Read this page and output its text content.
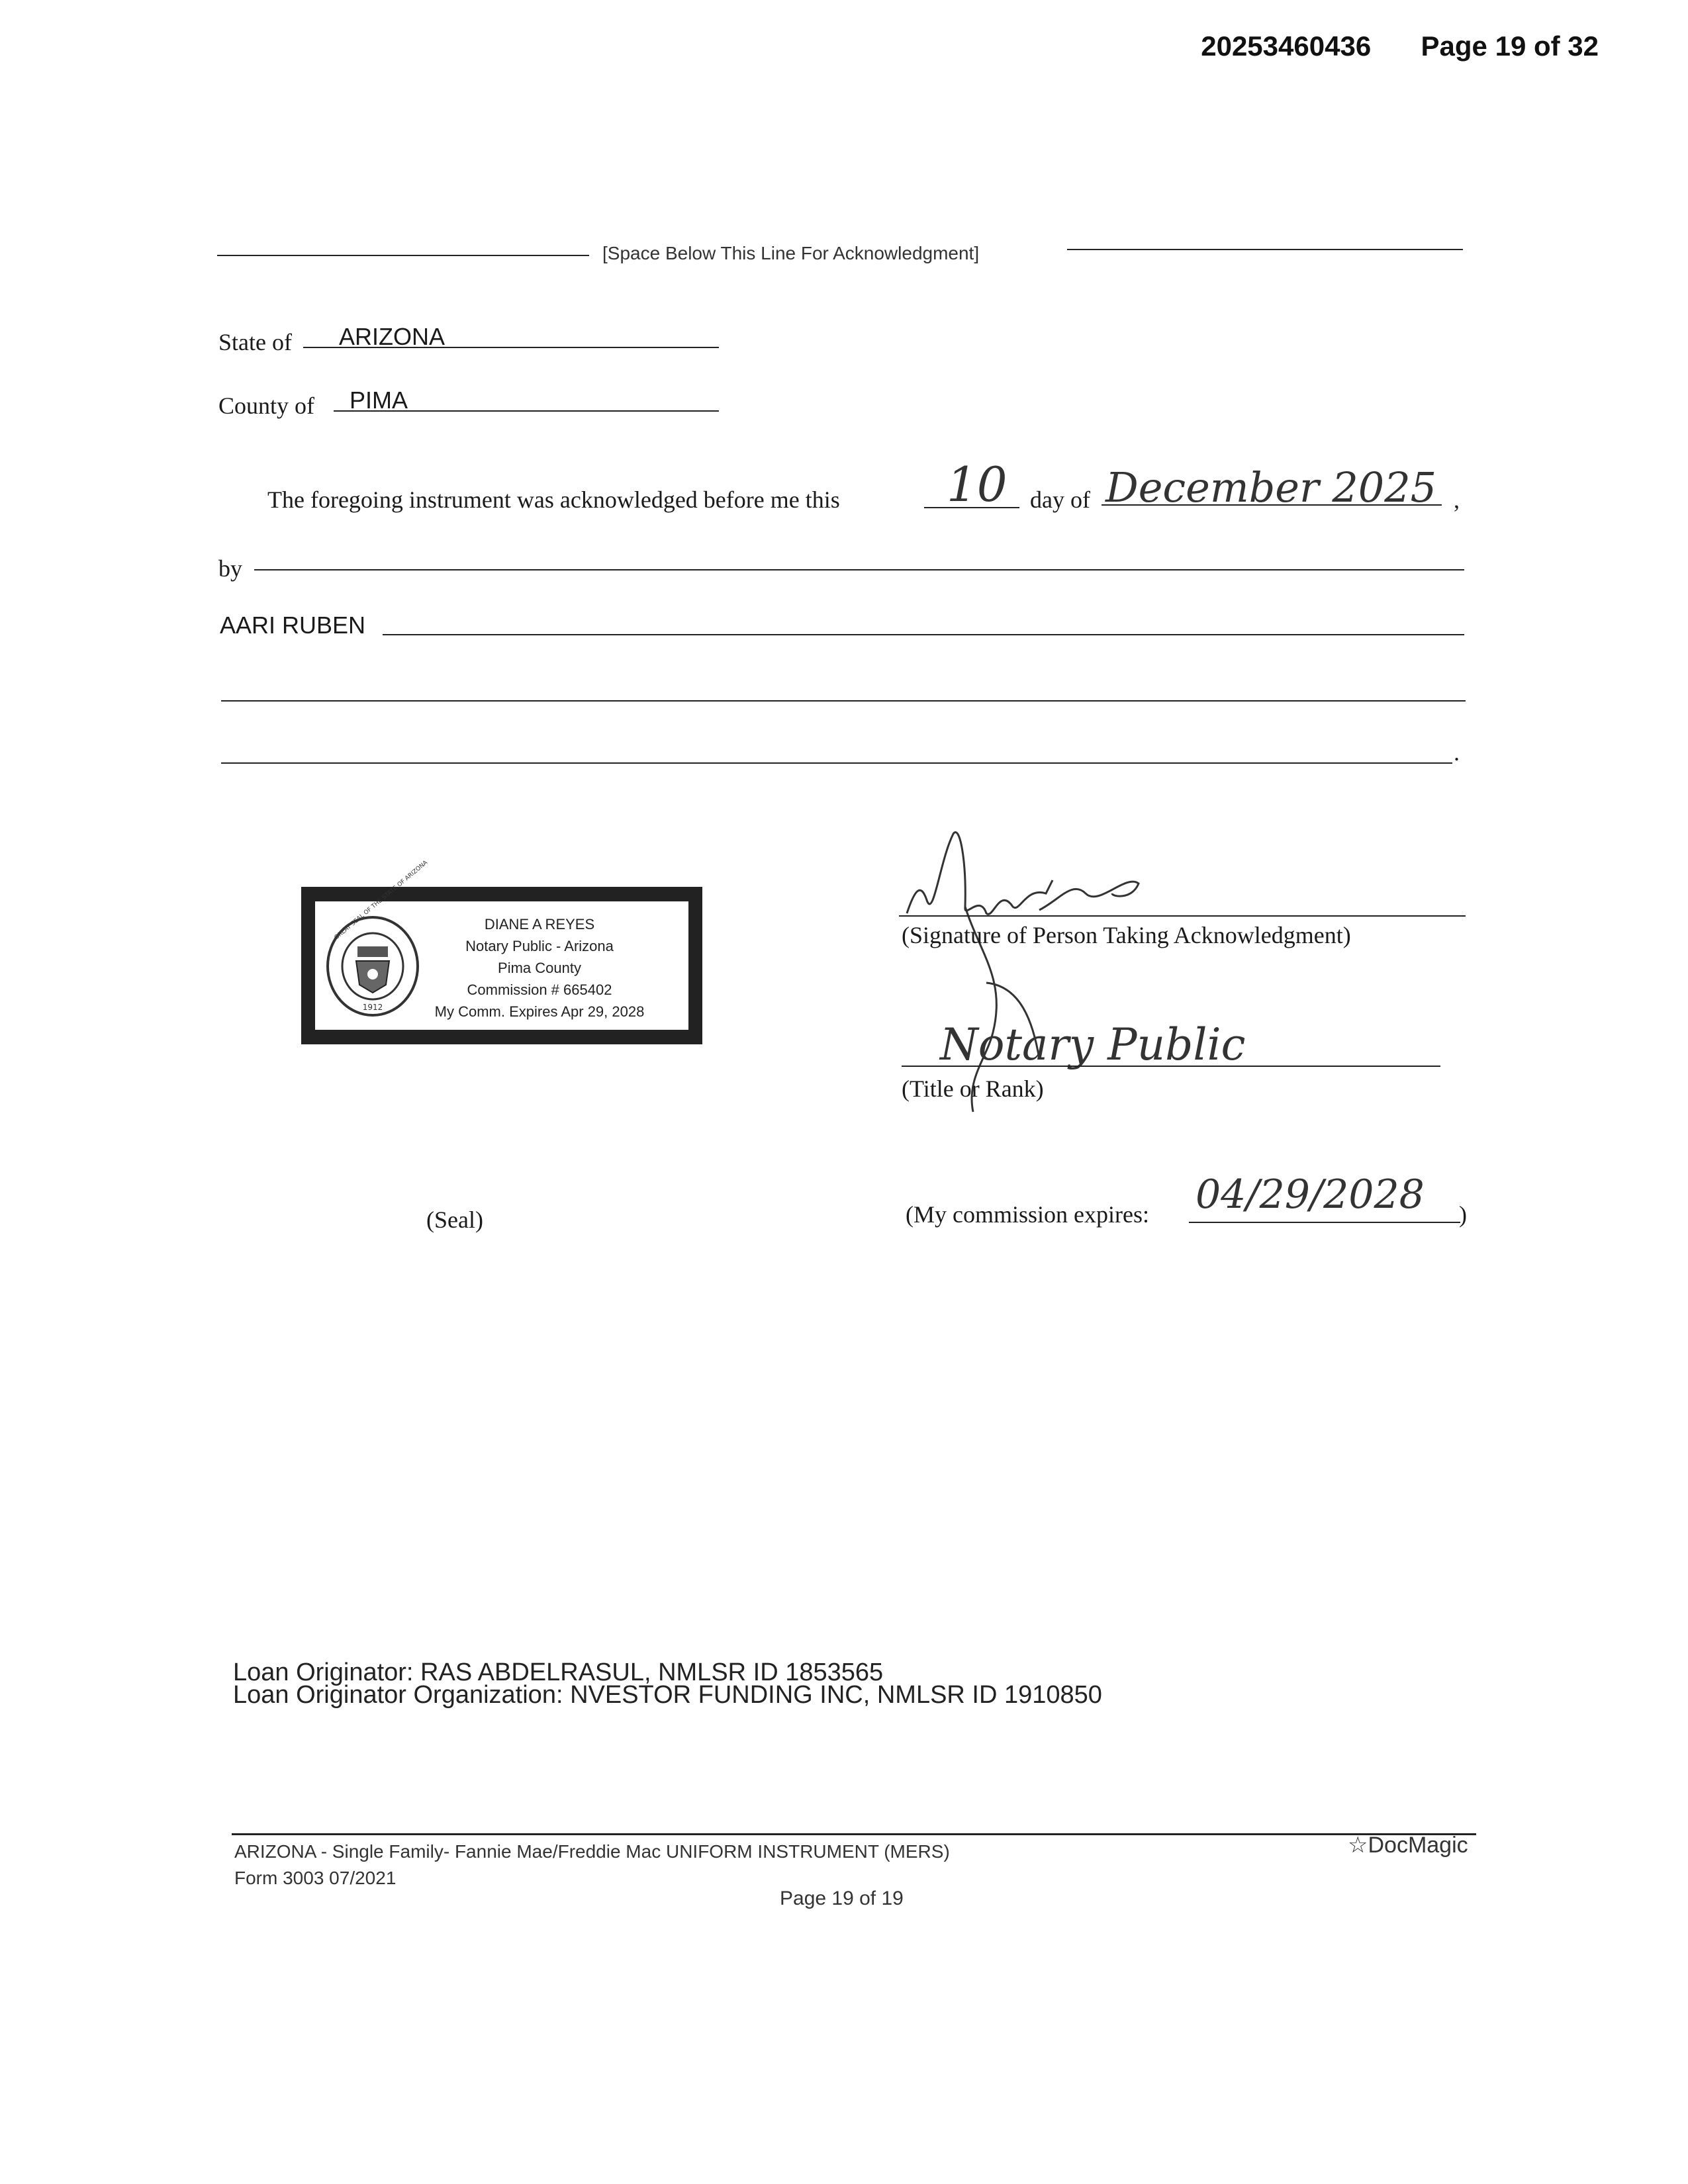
20253460436 Page 19 of 32
[Space Below This Line For Acknowledgment]
State of ARIZONA
County of PIMA
The foregoing instrument was acknowledged before me this 10 day of December 2025 ,
by
AARI RUBEN
.
1912
GREAT SEAL OF THE STATE OF ARIZONA	DIANE A REYES
Notary Public - Arizona
Pima County
Commission # 665402
My Comm. Expires Apr 29, 2028
(Signature of Person Taking Acknowledgment)
Notary Public
(Title or Rank)
(Seal)	(My commission expires: 04/29/2028 )
Loan Originator: RAS ABDELRASUL, NMLSR ID 1853565
Loan Originator Organization: NVESTOR FUNDING INC, NMLSR ID 1910850
ARIZONA - Single Family- Fannie Mae/Freddie Mac UNIFORM INSTRUMENT (MERS)
Form 3003 07/2021
Page 19 of 19
☆DocMagic
